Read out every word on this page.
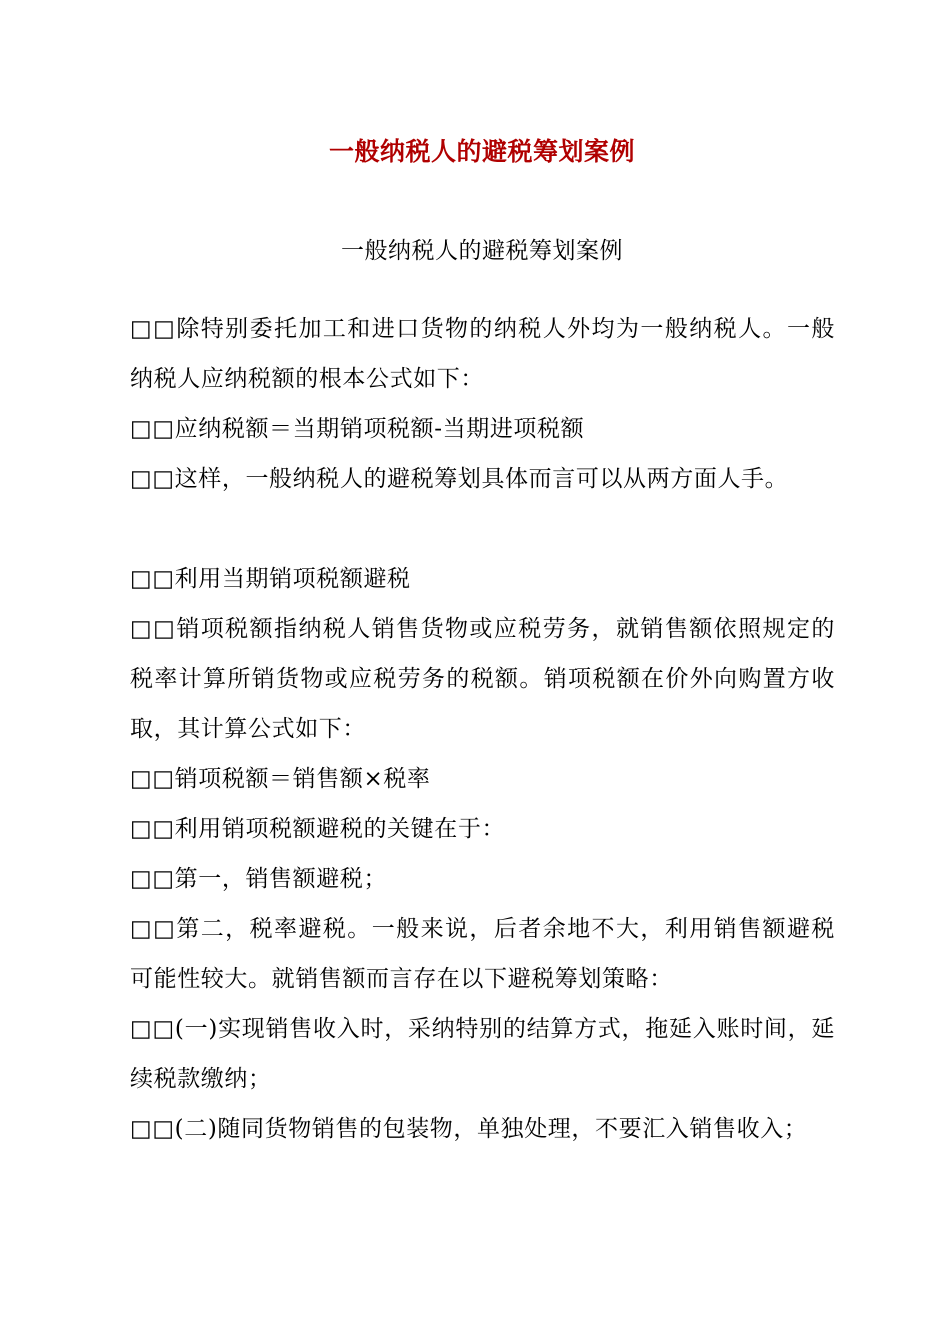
一般纳税人的避税筹划案例
一般纳税人的避税筹划案例

□□除特别委托加工和进口货物的纳税人外均为一般纳税人。一般纳税人应纳税额的根本公式如下：

□□应纳税额＝当期销项税额-当期进项税额

□□这样，一般纳税人的避税筹划具体而言可以从两方面人手。

□□利用当期销项税额避税

□□销项税额指纳税人销售货物或应税劳务，就销售额依照规定的税率计算所销货物或应税劳务的税额。销项税额在价外向购置方收取，其计算公式如下：

□□销项税额＝销售额×税率

□□利用销项税额避税的关键在于：

□□第一，销售额避税；

□□第二，税率避税。一般来说，后者余地不大，利用销售额避税可能性较大。就销售额而言存在以下避税筹划策略：

□□(一)实现销售收入时，采纳特别的结算方式，拖延入账时间，延续税款缴纳；

□□(二)随同货物销售的包装物，单独处理，不要汇入销售收入；
